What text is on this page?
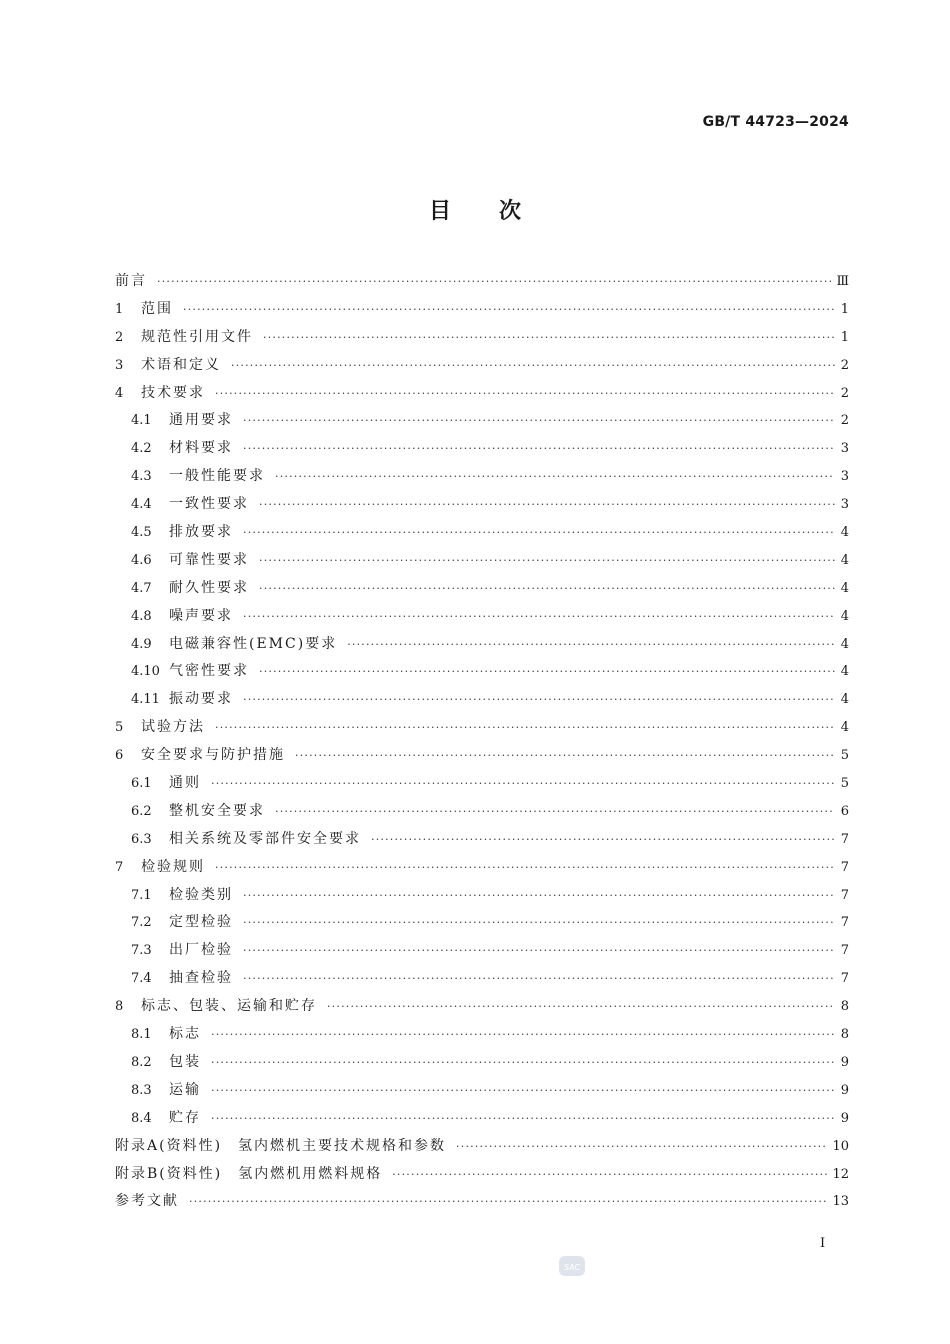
GB/T 44723—2024
目次
前言 ·····	Ⅲ
1	范围 ·····	1
2	规范性引用文件 ·····	1
3	术语和定义 ·····	2
4	技术要求 ·····	2
4.1	通用要求 ·····	2
4.2	材料要求 ·····	3
4.3	一般性能要求 ·····	3
4.4	一致性要求 ·····	3
4.5	排放要求 ·····	4
4.6	可靠性要求 ·····	4
4.7	耐久性要求 ·····	4
4.8	噪声要求 ·····	4
4.9	电磁兼容性(EMC)要求 ·····	4
4.10 气密性要求 ·····	4
4.11 振动要求 ·····	4
5	试验方法 ·····	4
6	安全要求与防护措施 ·····	5
6.1	通则 ·····	5
6.2	整机安全要求 ·····	6
6.3	相关系统及零部件安全要求 ·····	7
7	检验规则 ·····	7
7.1	检验类别 ·····	7
7.2	定型检验 ·····	7
7.3	出厂检验 ·····	7
7.4	抽查检验 ·····	7
8	标志、包装、运输和贮存 ·····	8
8.1	标志 ·····	8
8.2	包装 ·····	9
8.3	运输 ·····	9
8.4	贮存 ·····	9
附录A(资料性)　氢内燃机主要技术规格和参数 ·····	10
附录B(资料性)　氢内燃机用燃料规格 ·····	12
参考文献 ·····	13
I
SAC
